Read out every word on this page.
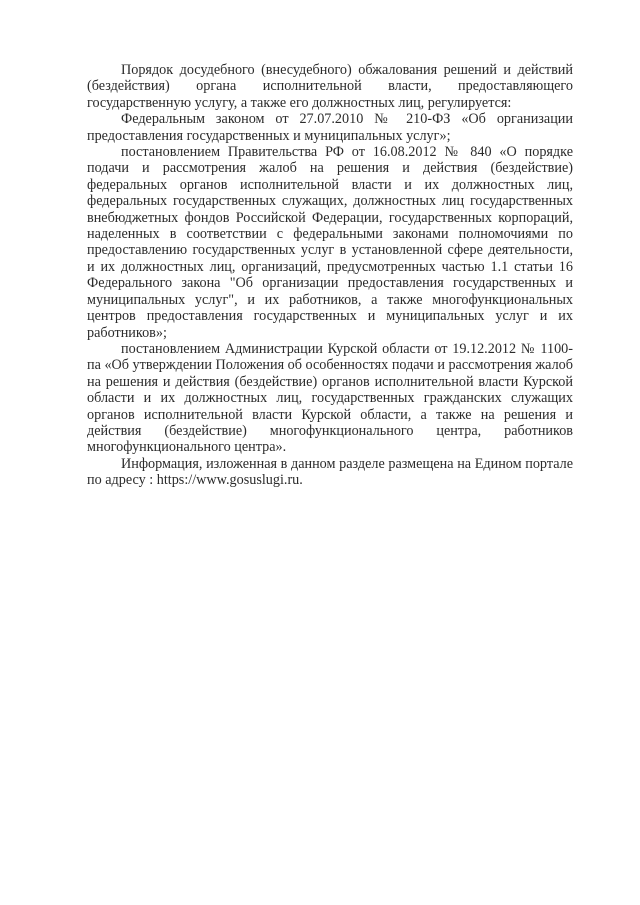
Порядок досудебного (внесудебного) обжалования решений и действий (бездействия) органа исполнительной власти, предоставляющего государственную услугу, а также его должностных лиц, регулируется:

Федеральным законом от 27.07.2010 № 210-ФЗ «Об организации предоставления государственных и муниципальных услуг»;

постановлением Правительства РФ от 16.08.2012 № 840 «О порядке подачи и рассмотрения жалоб на решения и действия (бездействие) федеральных органов исполнительной власти и их должностных лиц, федеральных государственных служащих, должностных лиц государственных внебюджетных фондов Российской Федерации, государственных корпораций, наделенных в соответствии с федеральными законами полномочиями по предоставлению государственных услуг в установленной сфере деятельности, и их должностных лиц, организаций, предусмотренных частью 1.1 статьи 16 Федерального закона "Об организации предоставления государственных и муниципальных услуг", и их работников, а также многофункциональных центров предоставления государственных и муниципальных услуг и их работников»;

постановлением Администрации Курской области от 19.12.2012 № 1100-па «Об утверждении Положения об особенностях подачи и рассмотрения жалоб на решения и действия (бездействие) органов исполнительной власти Курской области и их должностных лиц, государственных гражданских служащих органов исполнительной власти Курской области, а также на решения и действия (бездействие) многофункционального центра, работников многофункционального центра».

Информация, изложенная в данном разделе размещена на Едином портале по адресу : https://www.gosuslugi.ru.
